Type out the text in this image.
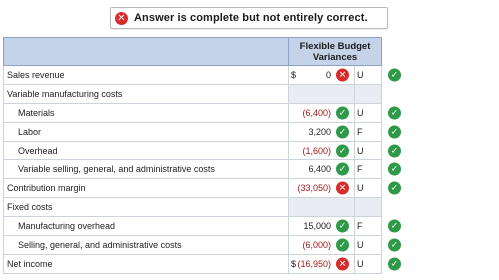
✕ Answer is complete but not entirely correct.

	Flexible Budget
Variances		

Sales revenue	$ 0 ✕	U	✓

Variable manufacturing costs			
Materials	(6,400) ✓	U	✓

Labor	3,200 ✓	F	✓

Overhead	(1,600) ✓	U	✓

Variable selling, general, and administrative costs	6,400 ✓	F	✓

Contribution margin	(33,050) ✕	U	✓

Fixed costs			
Manufacturing overhead	15,000 ✓	F	✓

Selling, general, and administrative costs	(6,000) ✓	U	✓

Net income	$ (16,950) ✕	U	✓
